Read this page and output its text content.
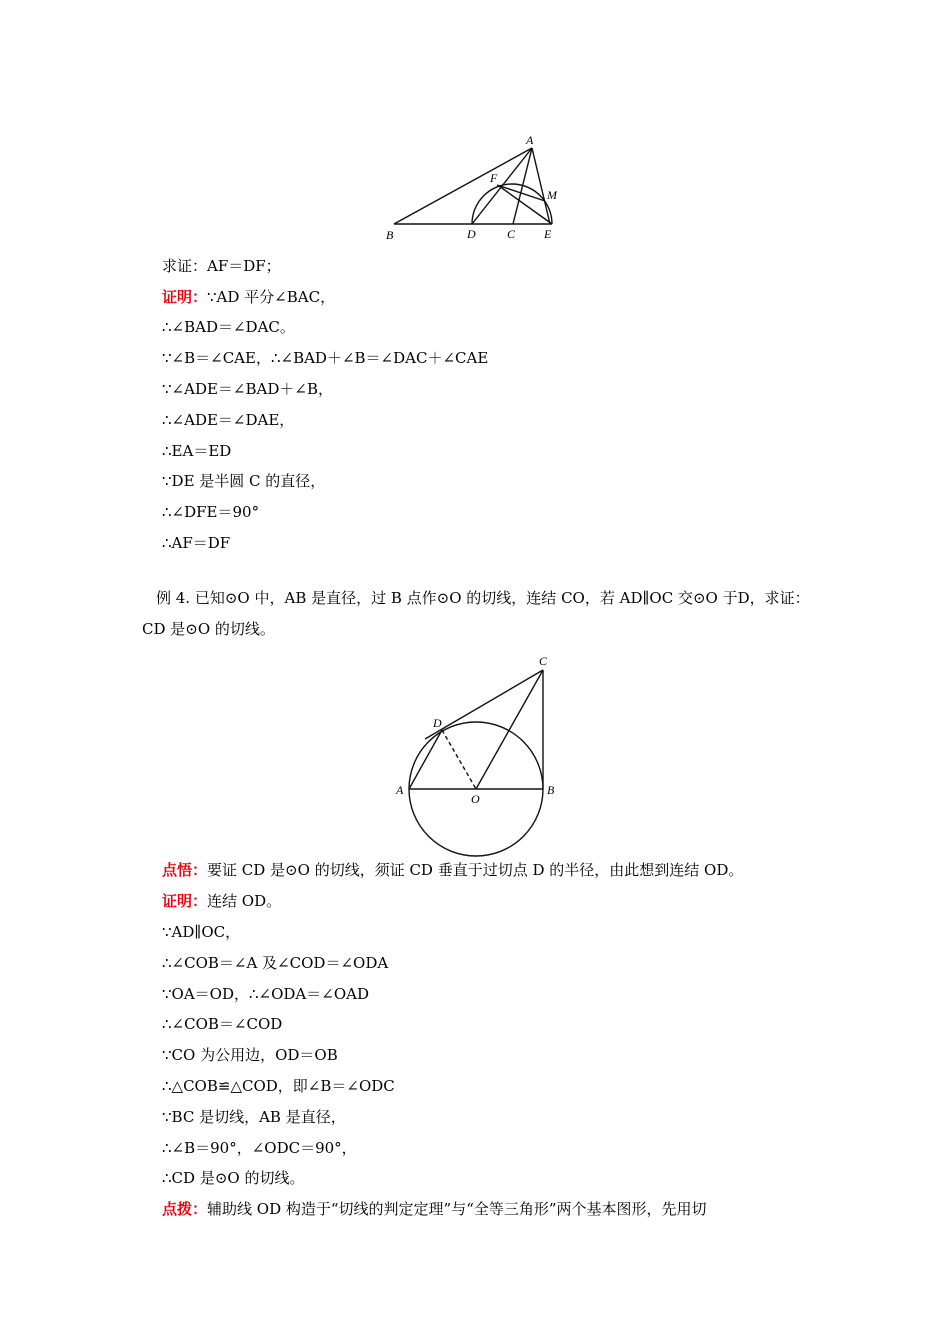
A
F
M
B	D	C E
求证：AF＝DF；
证明：∵AD 平分∠BAC，
∴∠BAD＝∠DAC。
∵∠B＝∠CAE，∴∠BAD＋∠B＝∠DAC＋∠CAE
∵∠ADE＝∠BAD＋∠B，
∴∠ADE＝∠DAE，
∴EA＝ED
∵DE 是半圆 C 的直径，
∴∠DFE＝90°
∴AF＝DF
例 4. 已知⊙O 中，AB 是直径，过 B 点作⊙O 的切线，连结 CO，若 AD∥OC 交⊙O 于D，求证：CD 是⊙O 的切线。
C
D
A
O
B
点悟：要证 CD 是⊙O 的切线，须证 CD 垂直于过切点 D 的半径，由此想到连结 OD。
证明：连结 OD。
∵AD∥OC，
∴∠COB＝∠A 及∠COD＝∠ODA
∵OA＝OD，∴∠ODA＝∠OAD
∴∠COB＝∠COD
∵CO 为公用边，OD＝OB
∴△COB≌△COD，即∠B＝∠ODC
∵BC 是切线，AB 是直径，
∴∠B＝90°，∠ODC＝90°，
∴CD 是⊙O 的切线。
点拨：辅助线 OD 构造于“切线的判定定理”与“全等三角形”两个基本图形，先用切
